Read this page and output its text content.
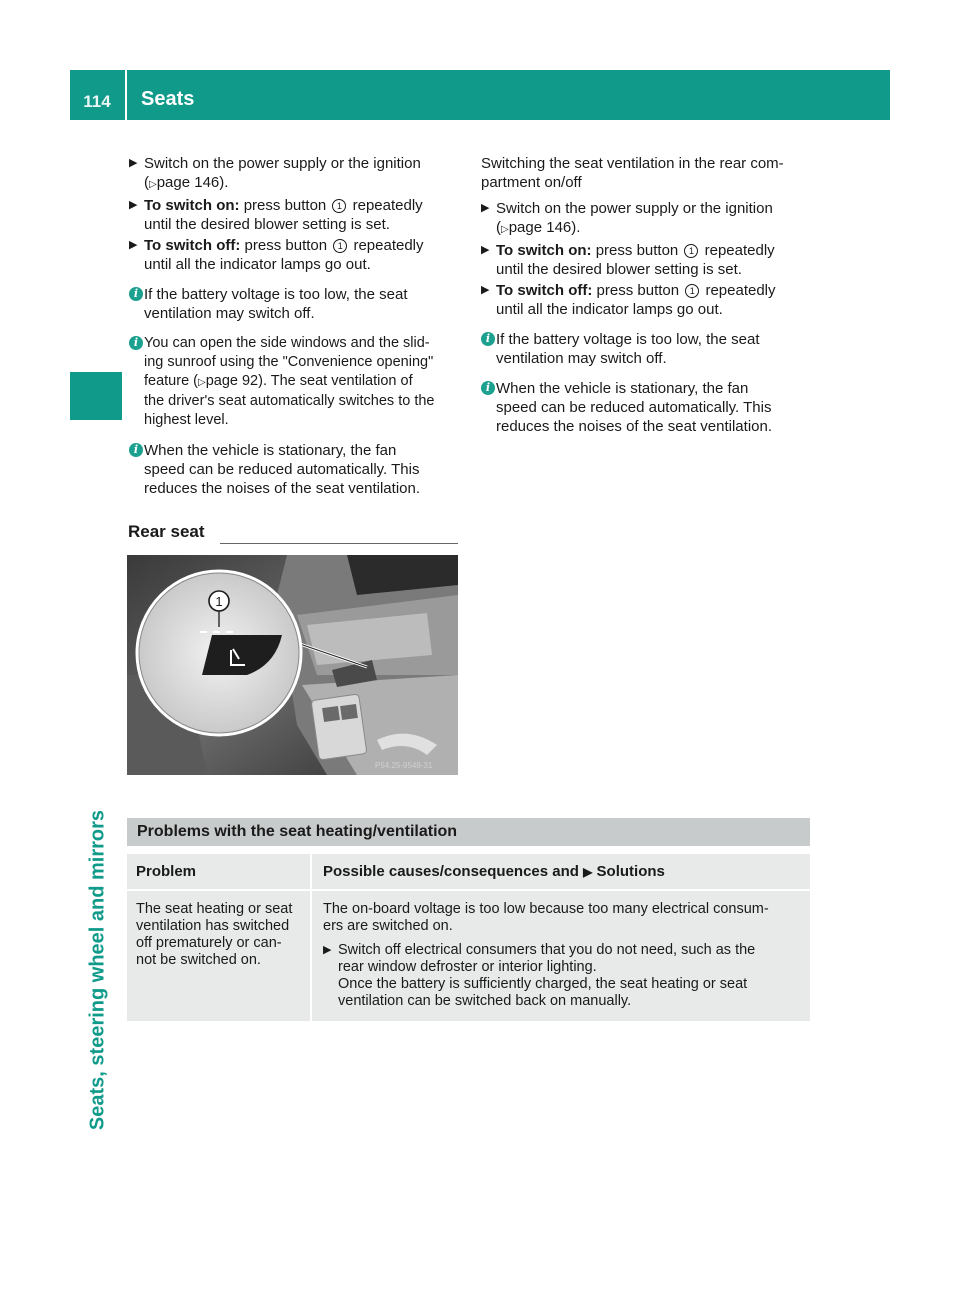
114	Seats
Seats, steering wheel and mirrors
▶ Switch on the power supply or the ignition
(▷page 146).
▶ To switch on: press button 1 repeatedly
until the desired blower setting is set.
▶ To switch off: press button 1 repeatedly
until all the indicator lamps go out.
i If the battery voltage is too low, the seat
ventilation may switch off.
i You can open the side windows and the slid-
ing sunroof using the "Convenience opening"
feature (▷page 92). The seat ventilation of
the driver's seat automatically switches to the
highest level.
i When the vehicle is stationary, the fan
speed can be reduced automatically. This
reduces the noises of the seat ventilation.
Rear seat
1
P54.25-9548-31
Switching the seat ventilation in the rear com-
partment on/off
▶ Switch on the power supply or the ignition
(▷page 146).
▶ To switch on: press button 1 repeatedly
until the desired blower setting is set.
▶ To switch off: press button 1 repeatedly
until all the indicator lamps go out.
i If the battery voltage is too low, the seat
ventilation may switch off.
i When the vehicle is stationary, the fan
speed can be reduced automatically. This
reduces the noises of the seat ventilation.
Problems with the seat heating/ventilation
Problem	Possible causes/consequences and ▶ Solutions
The seat heating or seat
ventilation has switched
off prematurely or can-
not be switched on.
The on-board voltage is too low because too many electrical consum-
ers are switched on.
▶ Switch off electrical consumers that you do not need, such as the
rear window defroster or interior lighting.
Once the battery is sufficiently charged, the seat heating or seat
ventilation can be switched back on manually.
